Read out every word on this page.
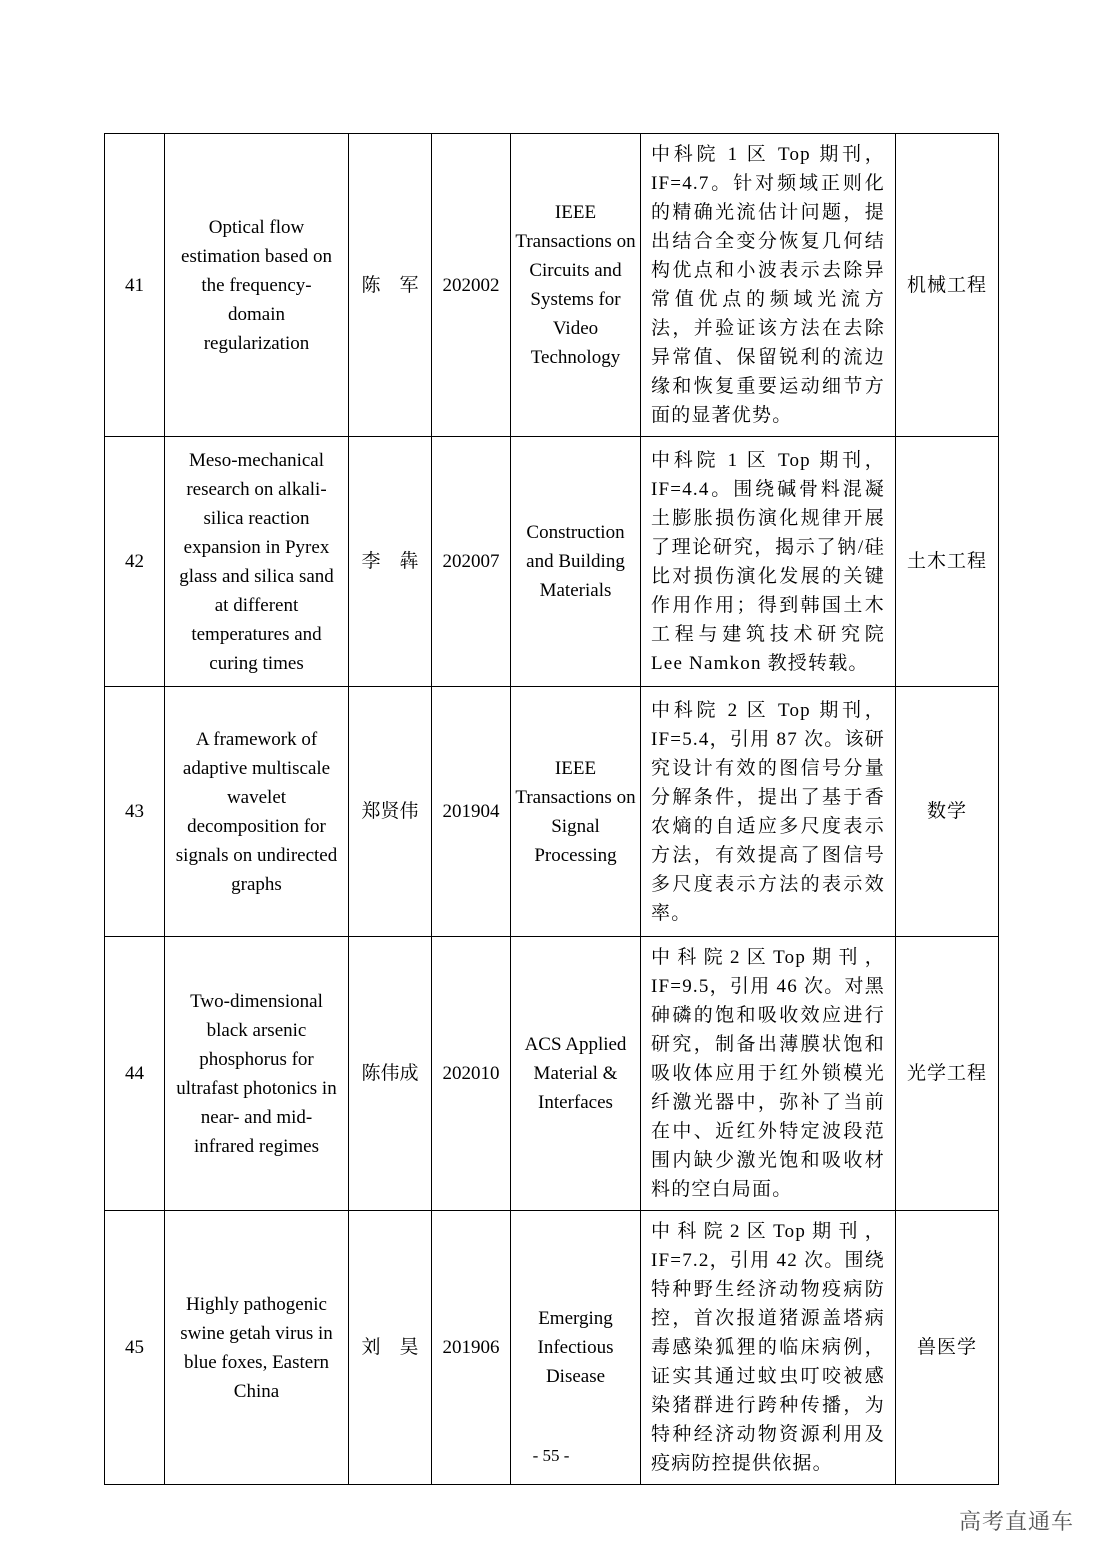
41	Optical flow estimation based on the frequency-domain regularization	陈　军	202002	IEEE Transactions on Circuits and Systems for Video Technology	中科院 1 区 Top 期刊，IF=4.7。针对频域正则化的精确光流估计问题，提出结合全变分恢复几何结构优点和小波表示去除异常值优点的频域光流方法，并验证该方法在去除异常值、保留锐利的流边缘和恢复重要运动细节方面的显著优势。	机械工程
42	Meso-mechanical research on alkali-silica reaction expansion in Pyrex glass and silica sand at different temperatures and curing times	李　犇	202007	Construction and Building Materials	中科院 1 区 Top 期刊，IF=4.4。围绕碱骨料混凝土膨胀损伤演化规律开展了理论研究，揭示了钠/硅比对损伤演化发展的关键作用作用；得到韩国土木工程与建筑技术研究院 Lee Namkon 教授转载。	土木工程
43	A framework of adaptive multiscale wavelet decomposition for signals on undirected graphs	郑贤伟	201904	IEEE Transactions on Signal Processing	中科院 2 区 Top 期刊，IF=5.4，引用 87 次。该研究设计有效的图信号分量分解条件，提出了基于香农熵的自适应多尺度表示方法，有效提高了图信号多尺度表示方法的表示效率。	数学
44	Two-dimensional black arsenic phosphorus for ultrafast photonics in near- and mid-infrared regimes	陈伟成	202010	ACS Applied Material & Interfaces	中科院2区Top期刊，IF=9.5，引用 46 次。对黑砷磷的饱和吸收效应进行研究，制备出薄膜状饱和吸收体应用于红外锁模光纤激光器中，弥补了当前在中、近红外特定波段范围内缺少激光饱和吸收材料的空白局面。	光学工程
45	Highly pathogenic swine getah virus in blue foxes, Eastern China	刘　昊	201906	Emerging Infectious Disease	中科院2区Top期刊，IF=7.2，引用 42 次。围绕特种野生经济动物疫病防控，首次报道猪源盖塔病毒感染狐狸的临床病例，证实其通过蚊虫叮咬被感染猪群进行跨种传播，为特种经济动物资源利用及疫病防控提供依据。	兽医学
- 55 -
高考直通车
